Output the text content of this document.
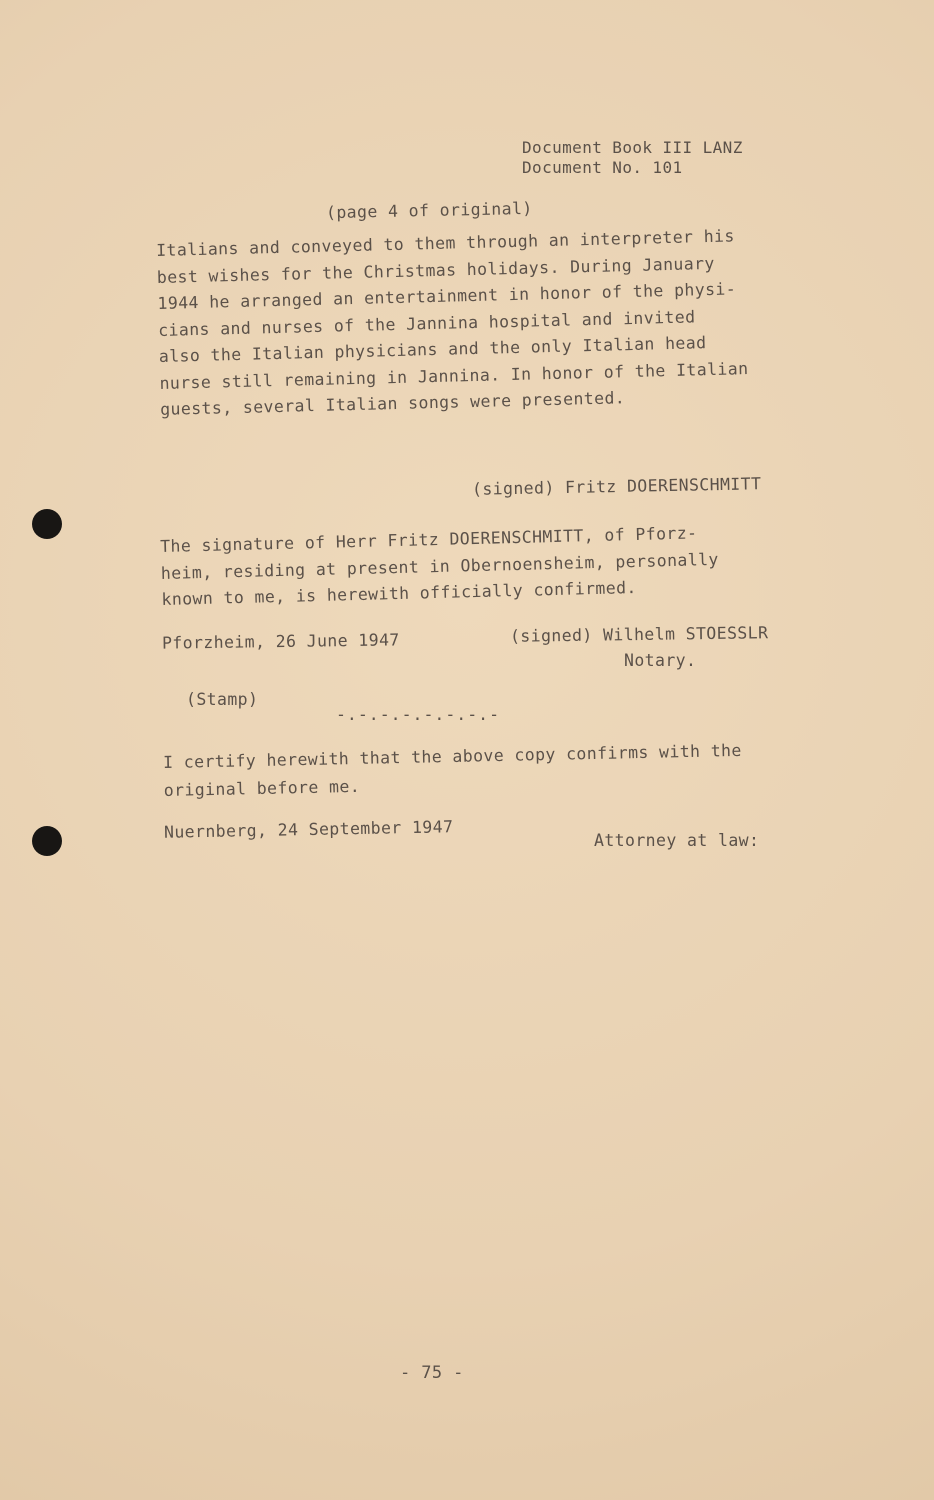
Document Book III LANZ
Document No. 101
(page 4 of original)
Italians and conveyed to them through an interpreter his
best wishes for the Christmas holidays. During January
1944 he arranged an entertainment in honor of the physi-
cians and nurses of the Jannina hospital and invited
also the Italian physicians and the only Italian head
nurse still remaining in Jannina. In honor of the Italian
guests, several Italian songs were presented.
(signed) Fritz DOERENSCHMITT
The signature of Herr Fritz DOERENSCHMITT, of Pforz-
heim, residing at present in Obernoensheim, personally
known to me, is herewith officially confirmed.
Pforzheim, 26 June 1947	(signed) Wilhelm STOESSLR
Notary.
(Stamp)
-.-.-.-.-.-.-.-
I certify herewith that the above copy confirms with the
original before me.
Nuernberg, 24 September 1947	Attorney at law:
- 75 -
